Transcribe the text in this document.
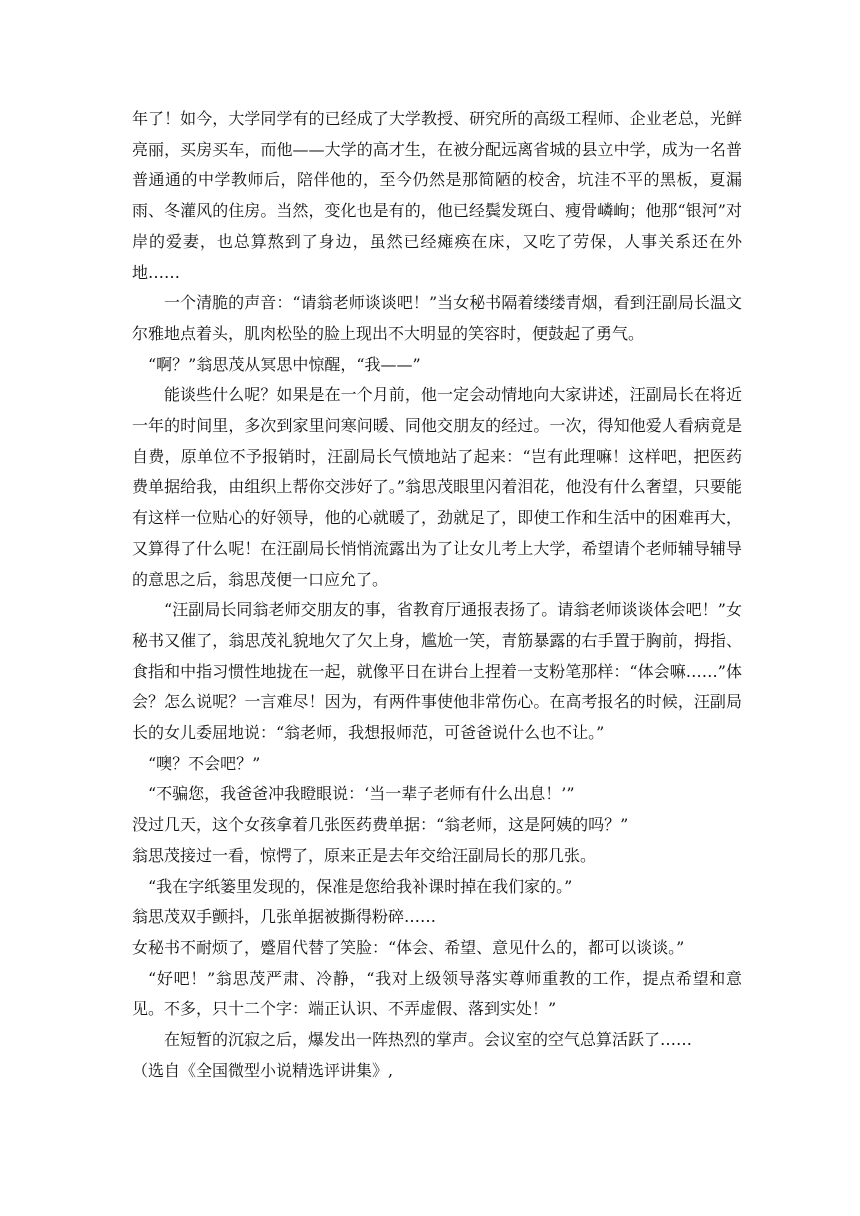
年了！如今，大学同学有的已经成了大学教授、研究所的高级工程师、企业老总，光鲜亮丽，买房买车，而他——大学的高才生，在被分配远离省城的县立中学，成为一名普普通通的中学教师后，陪伴他的，至今仍然是那简陋的校舍，坑洼不平的黑板，夏漏雨、冬灌风的住房。当然，变化也是有的，他已经鬓发斑白、瘦骨嶙峋；他那“银河”对岸的爱妻，也总算熬到了身边，虽然已经瘫痪在床，又吃了劳保，人事关系还在外地……

一个清脆的声音：“请翁老师谈谈吧！”当女秘书隔着缕缕青烟，看到汪副局长温文尔雅地点着头，肌肉松坠的脸上现出不大明显的笑容时，便鼓起了勇气。

“啊？”翁思茂从冥思中惊醒，“我——”

能谈些什么呢？如果是在一个月前，他一定会动情地向大家讲述，汪副局长在将近一年的时间里，多次到家里问寒问暖、同他交朋友的经过。一次，得知他爱人看病竟是自费，原单位不予报销时，汪副局长气愤地站了起来：“岂有此理嘛！这样吧，把医药费单据给我，由组织上帮你交涉好了。”翁思茂眼里闪着泪花，他没有什么奢望，只要能有这样一位贴心的好领导，他的心就暖了，劲就足了，即使工作和生活中的困难再大，又算得了什么呢！在汪副局长悄悄流露出为了让女儿考上大学，希望请个老师辅导辅导的意思之后，翁思茂便一口应允了。

“汪副局长同翁老师交朋友的事，省教育厅通报表扬了。请翁老师谈谈体会吧！”女秘书又催了，翁思茂礼貌地欠了欠上身，尴尬一笑，青筋暴露的右手置于胸前，拇指、食指和中指习惯性地拢在一起，就像平日在讲台上捏着一支粉笔那样：“体会嘛……”体会？怎么说呢？一言难尽！因为，有两件事使他非常伤心。在高考报名的时候，汪副局长的女儿委屈地说：“翁老师，我想报师范，可爸爸说什么也不让。”

“噢？不会吧？”

“不骗您，我爸爸冲我瞪眼说：‘当一辈子老师有什么出息！’”

没过几天，这个女孩拿着几张医药费单据：“翁老师，这是阿姨的吗？”

翁思茂接过一看，惊愕了，原来正是去年交给汪副局长的那几张。

“我在字纸篓里发现的，保准是您给我补课时掉在我们家的。”

翁思茂双手颤抖，几张单据被撕得粉碎……

女秘书不耐烦了，蹙眉代替了笑脸：“体会、希望、意见什么的，都可以谈谈。”

“好吧！”翁思茂严肃、冷静，“我对上级领导落实尊师重教的工作，提点希望和意见。不多，只十二个字：端正认识、不弄虚假、落到实处！”

在短暂的沉寂之后，爆发出一阵热烈的掌声。会议室的空气总算活跃了……

（选自《全国微型小说精选评讲集》,
